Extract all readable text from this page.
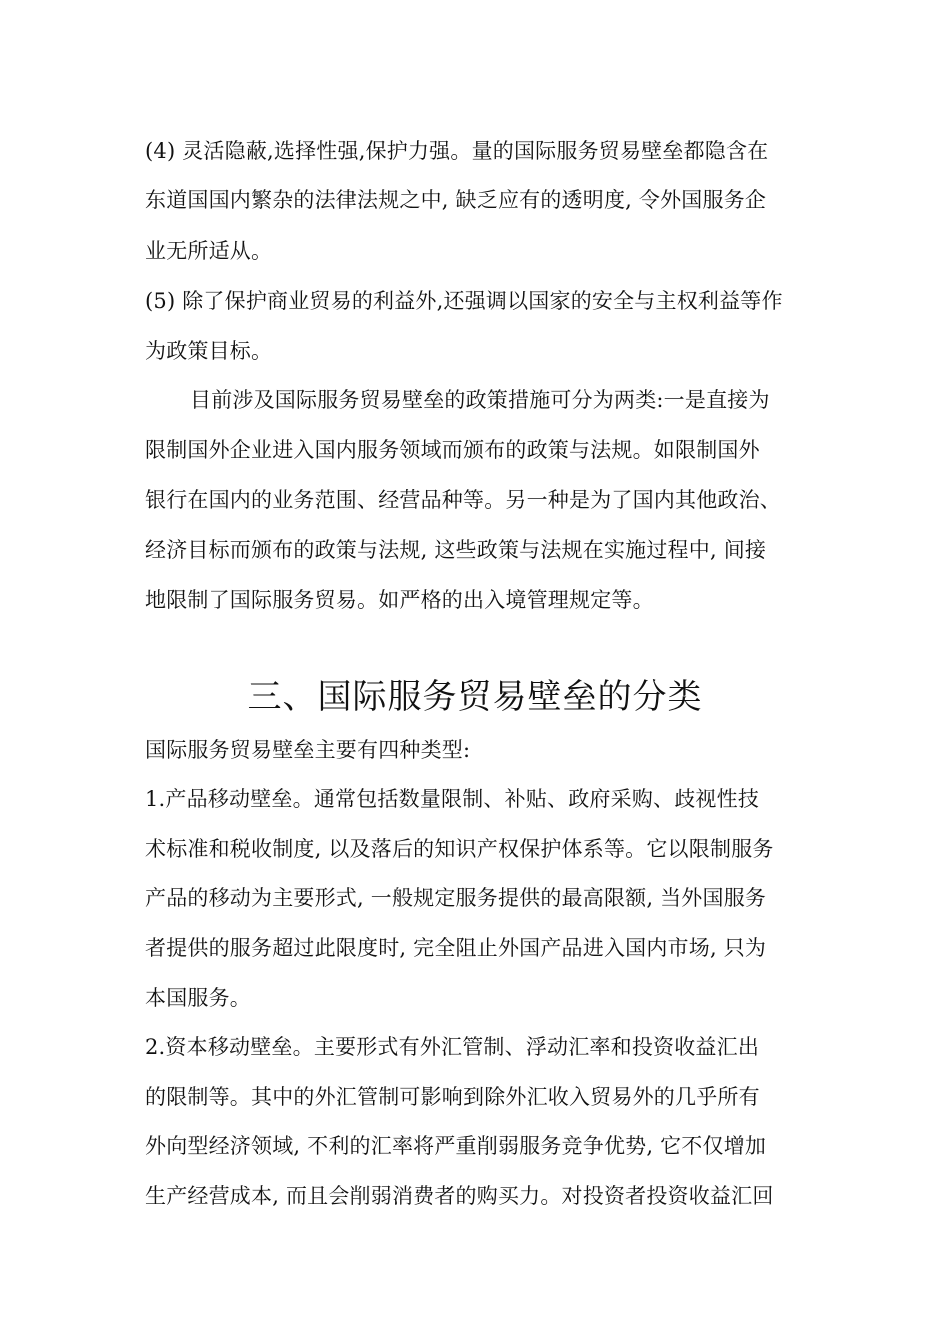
(4) 灵活隐蔽,选择性强,保护力强。量的国际服务贸易壁垒都隐含在
东道国国内繁杂的法律法规之中, 缺乏应有的透明度, 令外国服务企
业无所适从。
(5) 除了保护商业贸易的利益外,还强调以国家的安全与主权利益等作
为政策目标。
目前涉及国际服务贸易壁垒的政策措施可分为两类:一是直接为
限制国外企业进入国内服务领域而颁布的政策与法规。如限制国外
银行在国内的业务范围、经营品种等。另一种是为了国内其他政治、
经济目标而颁布的政策与法规, 这些政策与法规在实施过程中, 间接
地限制了国际服务贸易。如严格的出入境管理规定等。
三、国际服务贸易壁垒的分类
国际服务贸易壁垒主要有四种类型:
1.产品移动壁垒。通常包括数量限制、补贴、政府采购、歧视性技
术标准和税收制度, 以及落后的知识产权保护体系等。它以限制服务
产品的移动为主要形式, 一般规定服务提供的最高限额, 当外国服务
者提供的服务超过此限度时, 完全阻止外国产品进入国内市场, 只为
本国服务。
2.资本移动壁垒。主要形式有外汇管制、浮动汇率和投资收益汇出
的限制等。其中的外汇管制可影响到除外汇收入贸易外的几乎所有
外向型经济领域, 不利的汇率将严重削弱服务竞争优势, 它不仅增加
生产经营成本, 而且会削弱消费者的购买力。对投资者投资收益汇回
